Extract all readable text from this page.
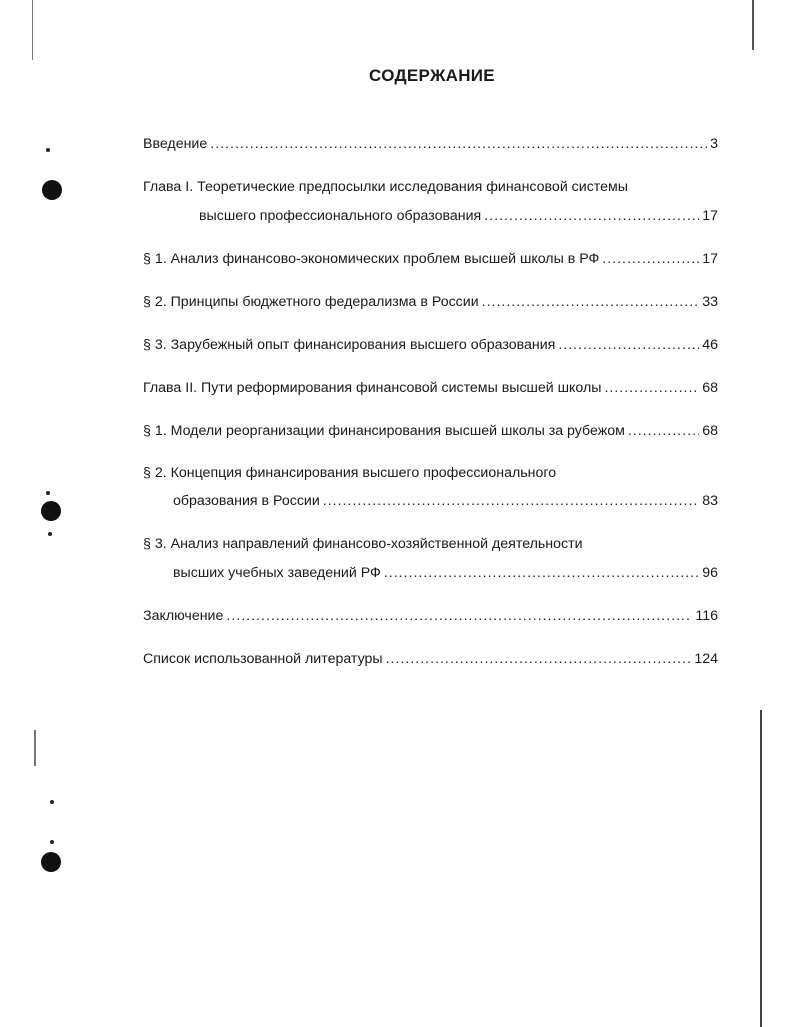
СОДЕРЖАНИЕ
Введение .....	3
Глава I. Теоретические предпосылки исследования финансовой системы
высшего профессионального образования .....	17
§ 1. Анализ финансово-экономических проблем высшей школы в РФ .....	17
§ 2. Принципы бюджетного федерализма в России .....	33
§ 3. Зарубежный опыт финансирования высшего образования .....	46
Глава II. Пути реформирования финансовой системы высшей школы .....	68
§ 1. Модели реорганизации финансирования высшей школы за рубежом .....	68
§ 2. Концепция финансирования высшего профессионального
образования в России .....	83
§ 3. Анализ направлений финансово-хозяйственной деятельности
высших учебных заведений РФ .....	96
Заключение .....	116
Список использованной литературы .....	124
